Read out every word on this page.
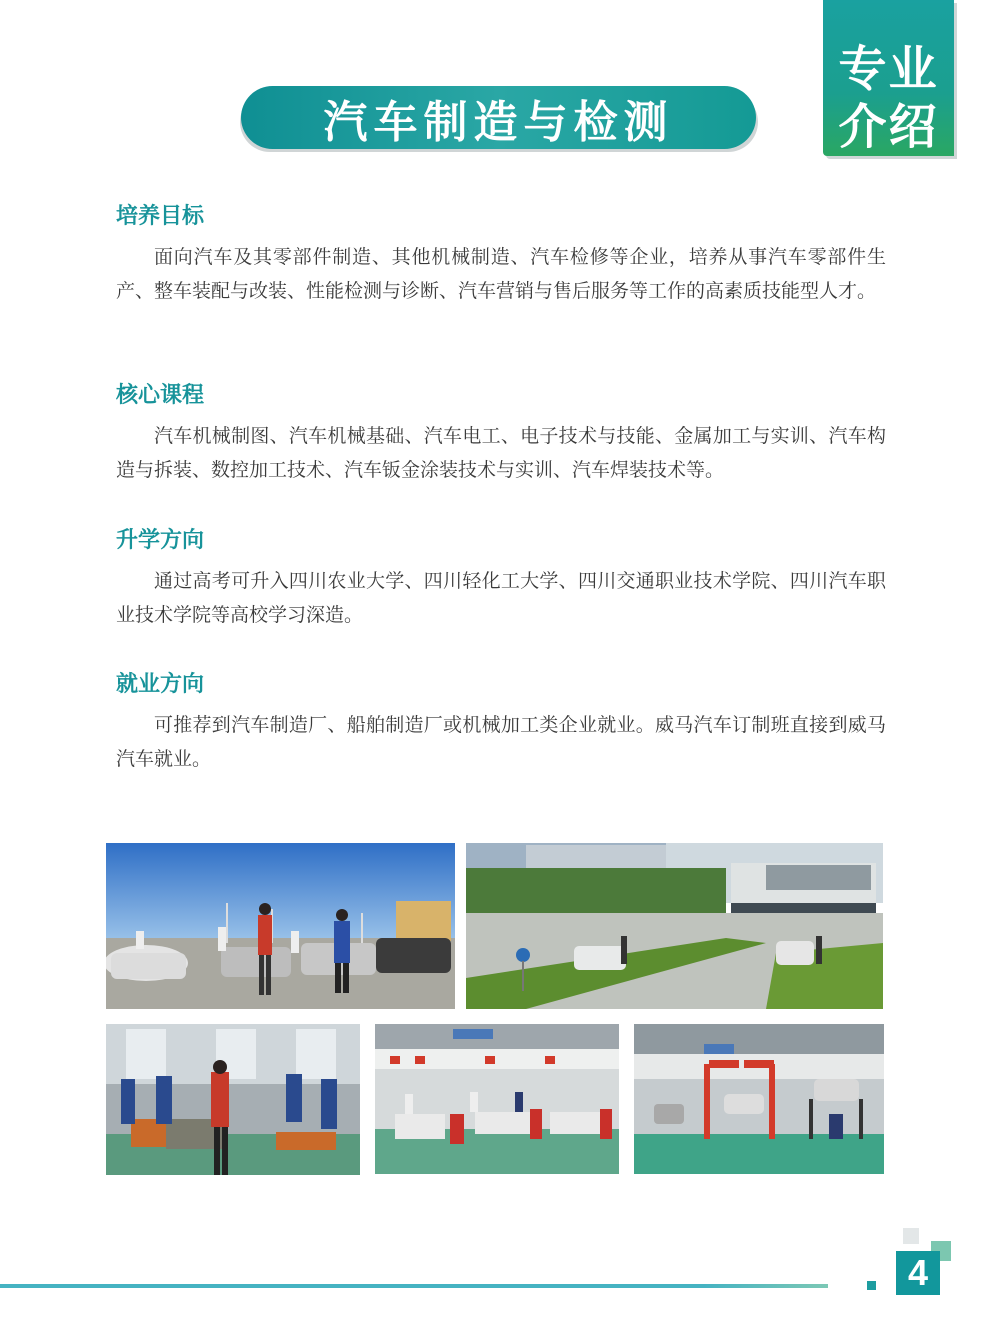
专业
介绍
汽车制造与检测
培养目标

面向汽车及其零部件制造、其他机械制造、汽车检修等企业，培养从事汽车零部件生产、整车装配与改装、性能检测与诊断、汽车营销与售后服务等工作的高素质技能型人才。

核心课程

汽车机械制图、汽车机械基础、汽车电工、电子技术与技能、金属加工与实训、汽车构造与拆装、数控加工技术、汽车钣金涂装技术与实训、汽车焊装技术等。

升学方向

通过高考可升入四川农业大学、四川轻化工大学、四川交通职业技术学院、四川汽车职业技术学院等高校学习深造。

就业方向

可推荐到汽车制造厂、船舶制造厂或机械加工类企业就业。威马汽车订制班直接到威马汽车就业。

4
